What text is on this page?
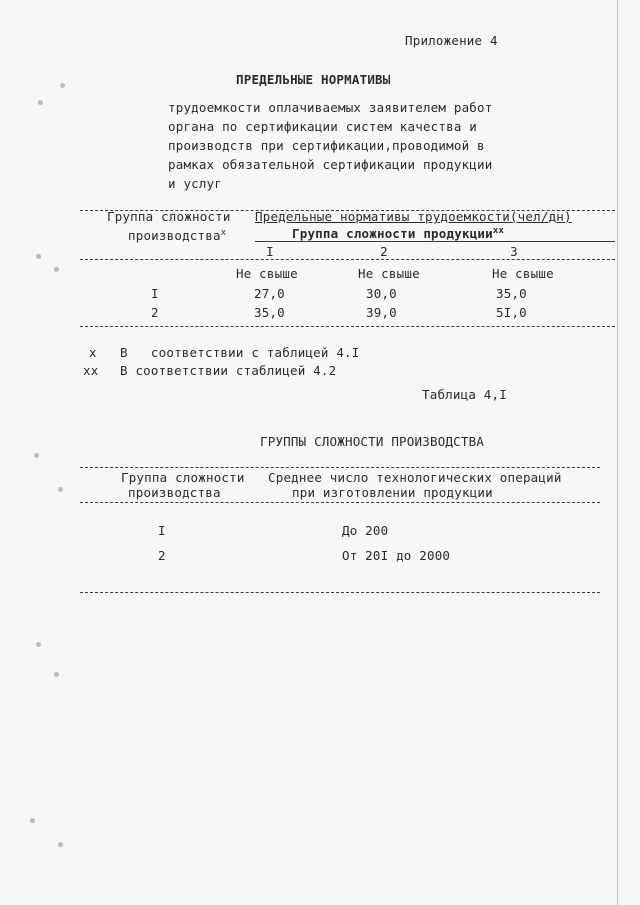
Приложение 4
ПРЕДЕЛЬНЫЕ НОРМАТИВЫ
трудоемкости оплачиваемых заявителем работ
органа по сертификации систем качества и
производств при сертификации,проводимой в
рамках обязательной сертификации продукции
и услуг
Группа сложности
производства$^x$
Предельные нормативы трудоемкости(чел/дн)
Группа сложности продукции$^{xx}$
I	2	3
Не свыше	Не свыше	Не свыше
I	27,0	30,0	35,0
2	35,0	39,0	5I,0
x В   соответствии с таблицей 4.I
xx В соответствии стаблицей 4.2
Таблица 4,I
ГРУППЫ СЛОЖНОСТИ ПРОИЗВОДСТВА
Группа сложности
производства
Среднее число технологических операций
при изготовлении продукции
I	До 200
2	От 20I до 2000
